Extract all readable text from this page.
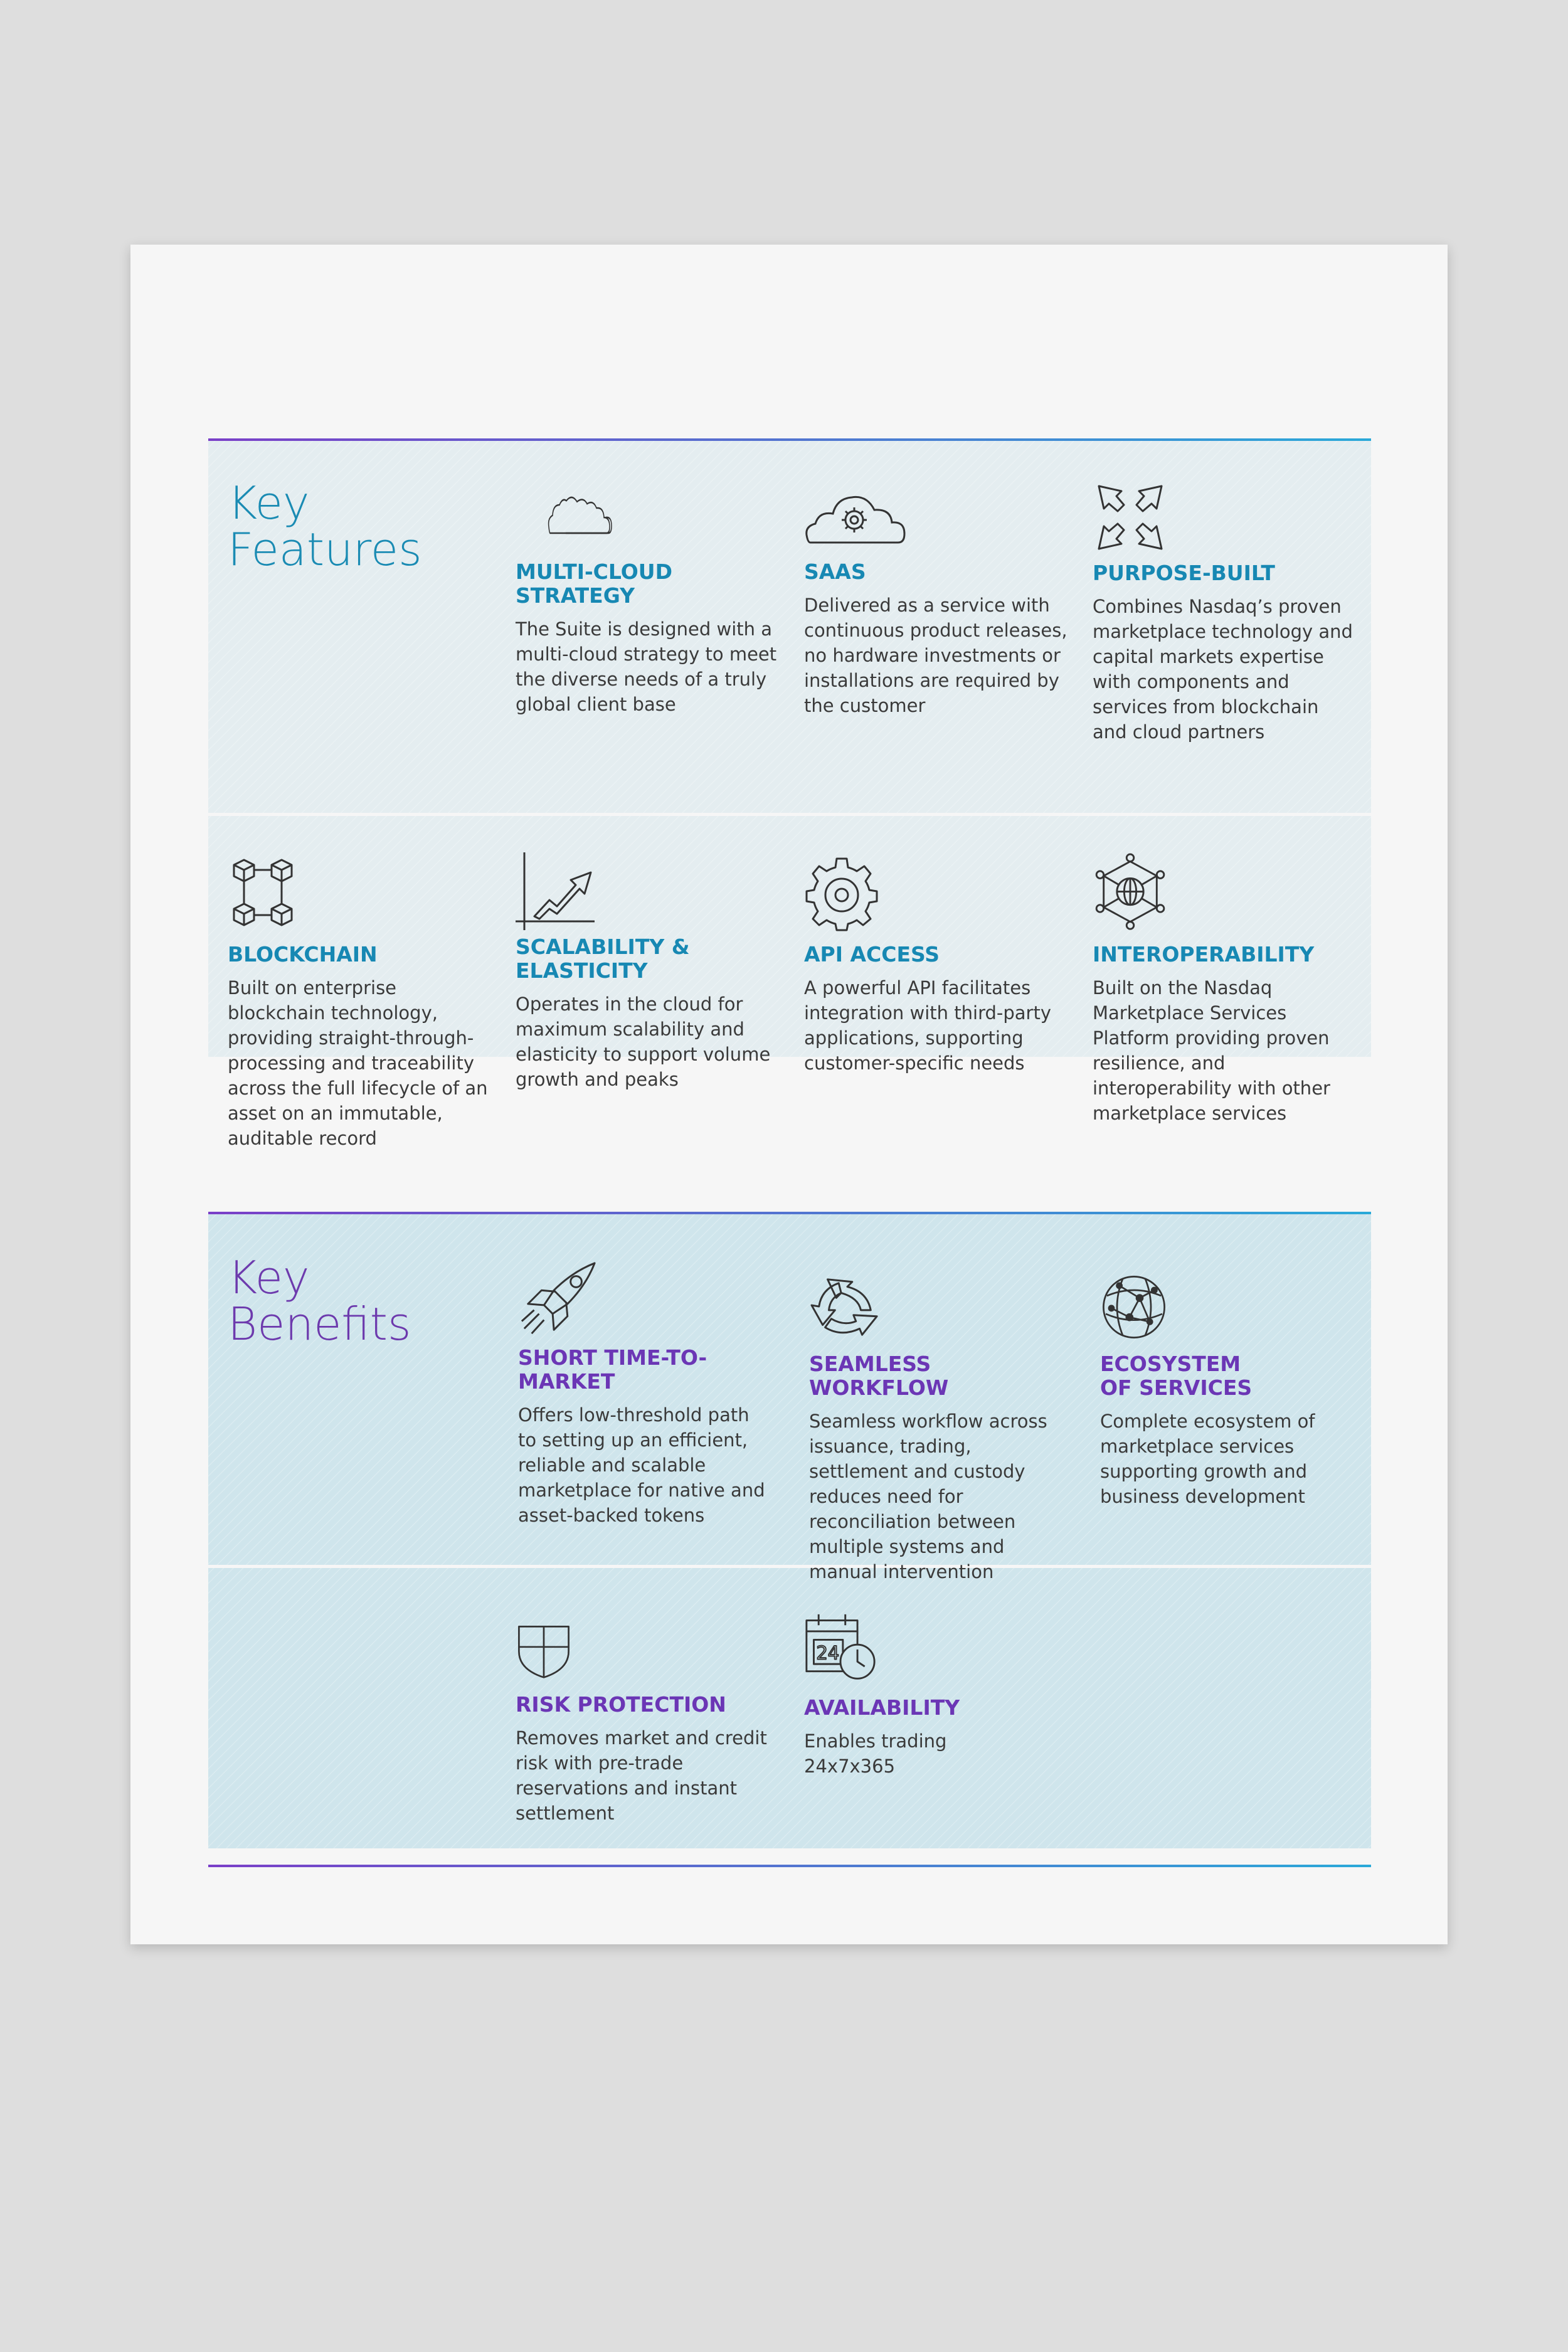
Key
Features	MULTI-CLOUD STRATEGY

The Suite is designed with a multi-cloud strategy to meet the diverse needs of a truly global client base

SAAS

Delivered as a service with continuous product releases, no hardware investments or installations are required by the customer

PURPOSE-BUILT

Combines Nasdaq’s proven marketplace technology and capital markets expertise with components and services from blockchain and cloud partners

BLOCKCHAIN

Built on enterprise blockchain technology, providing straight-through-processing and traceability across the full lifecycle of an asset on an immutable, auditable record

SCALABILITY & ELASTICITY

Operates in the cloud for maximum scalability and elasticity to support volume growth and peaks

API ACCESS

A powerful API facilitates integration with third-party applications, supporting customer-specific needs

INTEROPERABILITY

Built on the Nasdaq Marketplace Services Platform providing proven resilience, and interoperability with other marketplace services

Key
Benefits
SHORT TIME-TO-MARKET

Offers low-threshold path to setting up an efficient, reliable and scalable marketplace for native and asset-backed tokens

SEAMLESS WORKFLOW

Seamless workflow across issuance, trading, settlement and custody reduces need for reconciliation between multiple systems and manual intervention

ECOSYSTEM OF SERVICES

Complete ecosystem of marketplace services supporting growth and business development

RISK PROTECTION

Removes market and credit risk with pre-trade reservations and instant settlement

24
AVAILABILITY

Enables trading 24x7x365
